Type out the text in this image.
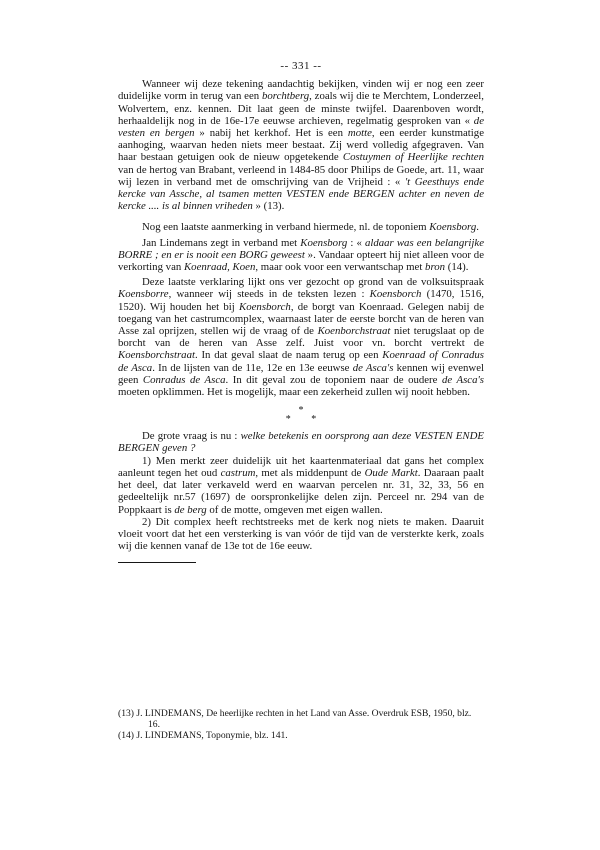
-- 331 --

Wanneer wij deze tekening aandachtig bekijken, vinden wij er nog een zeer duidelijke vorm in terug van een borchtberg, zoals wij die te Merchtem, Londerzeel, Wolvertem, enz. kennen. Dit laat geen de minste twijfel. Daarenboven wordt, herhaaldelijk nog in de 16e-17e eeuwse archieven, regelmatig gesproken van « de vesten en bergen » nabij het kerkhof. Het is een motte, een eerder kunstmatige aanhoging, waarvan heden niets meer bestaat. Zij werd volledig afgegraven. Van haar bestaan getuigen ook de nieuw opgetekende Costuymen of Heerlijke rechten van de hertog van Brabant, verleend in 1484-85 door Philips de Goede, art. 11, waar wij lezen in verband met de omschrijving van de Vrijheid : « 't Geesthuys ende kercke van Assche, al tsamen metten VESTEN ende BERGEN achter en neven de kercke .... is al binnen vriheden » (13).

Nog een laatste aanmerking in verband hiermede, nl. de toponiem Koensborg.

Jan Lindemans zegt in verband met Koensborg : « aldaar was een belangrijke BORRE ; en er is nooit een BORG geweest ». Vandaar opteert hij niet alleen voor de verkorting van Koenraad, Koen, maar ook voor een verwantschap met bron (14).

Deze laatste verklaring lijkt ons ver gezocht op grond van de volksuitspraak Koensborre, wanneer wij steeds in de teksten lezen : Koensborch (1470, 1516, 1520). Wij houden het bij Koensborch, de borgt van Koenraad. Gelegen nabij de toegang van het castrumcomplex, waarnaast later de eerste borcht van de heren van Asse zal oprijzen, stellen wij de vraag of de Koenborchstraat niet terugslaat op de borcht van de heren van Asse zelf. Juist voor vn. borcht vertrekt de Koensborchstraat. In dat geval slaat de naam terug op een Koenraad of Conradus de Asca. In de lijsten van de 11e, 12e en 13e eeuwse de Asca's kennen wij evenwel geen Conradus de Asca. In dit geval zou de toponiem naar de oudere de Asca's moeten opklimmen. Het is mogelijk, maar een zekerheid zullen wij nooit hebben.

*
* *

De grote vraag is nu : welke betekenis en oorsprong aan deze VESTEN ENDE BERGEN geven ?

1) Men merkt zeer duidelijk uit het kaartenmateriaal dat gans het complex aanleunt tegen het oud castrum, met als middenpunt de Oude Markt. Daaraan paalt het deel, dat later verkaveld werd en waarvan percelen nr. 31, 32, 33, 56 en gedeeltelijk nr.57 (1697) de oorspronkelijke delen zijn. Perceel nr. 294 van de Poppkaart is de berg of de motte, omgeven met eigen wallen.

2) Dit complex heeft rechtstreeks met de kerk nog niets te maken. Daaruit vloeit voort dat het een versterking is van vóór de tijd van de versterkte kerk, zoals wij die kennen vanaf de 13e tot de 16e eeuw.

(13) J. LINDEMANS, De heerlijke rechten in het Land van Asse. Overdruk ESB, 1950, blz. 16.

(14) J. LINDEMANS, Toponymie, blz. 141.
